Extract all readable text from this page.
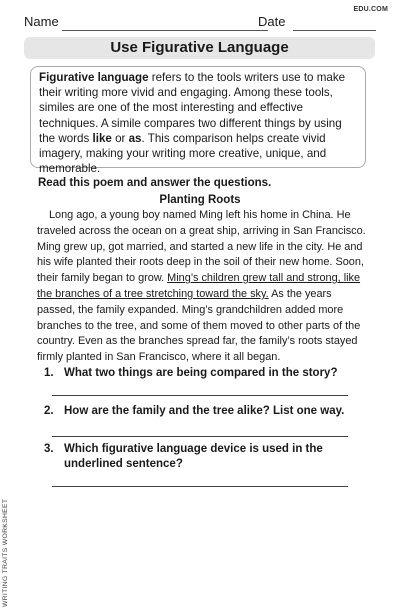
EDU.COM
Name	Date
Use Figurative Language
Figurative language refers to the tools writers use to make their writing more vivid and engaging. Among these tools, similes are one of the most interesting and effective techniques. A simile compares two different things by using the words like or as. This comparison helps create vivid imagery, making your writing more creative, unique, and memorable.
Read this poem and answer the questions.
Planting Roots
Long ago, a young boy named Ming left his home in China. He traveled across the ocean on a great ship, arriving in San Francisco. Ming grew up, got married, and started a new life in the city. He and his wife planted their roots deep in the soil of their new home. Soon, their family began to grow. Ming’s children grew tall and strong, like the branches of a tree stretching toward the sky. As the years passed, the family expanded. Ming’s grandchildren added more branches to the tree, and some of them moved to other parts of the country. Even as the branches spread far, the family’s roots stayed firmly planted in San Francisco, where it all began.
1. What two things are being compared in the story?
2. How are the family and the tree alike? List one way.
3. Which figurative language device is used in the underlined sentence?
WRITING TRAITS WORKSHEET
